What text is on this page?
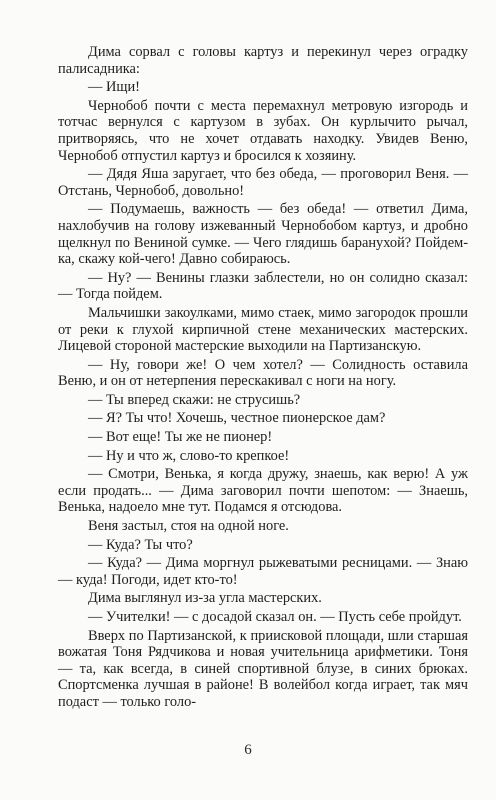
Дима сорвал с головы картуз и перекинул через оградку палисадника:

— Ищи!

Чернобоб почти с места перемахнул метровую изгородь и тотчас вернулся с картузом в зубах. Он курлычито рычал, притворяясь, что не хочет отдавать находку. Увидев Веню, Чернобоб отпустил картуз и бросился к хозяину.

— Дядя Яша заругает, что без обеда, — проговорил Веня. — Отстань, Чернобоб, довольно!

— Подумаешь, важность — без обеда! — ответил Дима, нахлобучив на голову изжеванный Чернобобом картуз, и дробно щелкнул по Вениной сумке. — Чего глядишь баранухой? Пойдем-ка, скажу кой-чего! Давно собираюсь.

— Ну? — Венины глазки заблестели, но он солидно сказал: — Тогда пойдем.

Мальчишки закоулками, мимо стаек, мимо загородок прошли от реки к глухой кирпичной стене механических мастерских. Лицевой стороной мастерские выходили на Партизанскую.

— Ну, говори же! О чем хотел? — Солидность оставила Веню, и он от нетерпения перескакивал с ноги на ногу.

— Ты вперед скажи: не струсишь?

— Я? Ты что! Хочешь, честное пионерское дам?

— Вот еще! Ты же не пионер!

— Ну и что ж, слово-то крепкое!

— Смотри, Венька, я когда дружу, знаешь, как верю! А уж если продать... — Дима заговорил почти шепотом: — Знаешь, Венька, надоело мне тут. Подамся я отсюдова.

Веня застыл, стоя на одной ноге.

— Куда? Ты что?

— Куда? — Дима моргнул рыжеватыми ресницами. — Знаю — куда! Погоди, идет кто-то!

Дима выглянул из-за угла мастерских.

— Учителки! — с досадой сказал он. — Пусть себе пройдут.

Вверх по Партизанской, к приисковой площади, шли старшая вожатая Тоня Рядчикова и новая учительница арифметики. Тоня — та, как всегда, в синей спортивной блузе, в синих брюках. Спортсменка лучшая в районе! В волейбол когда играет, так мяч подаст — только голо-

6
